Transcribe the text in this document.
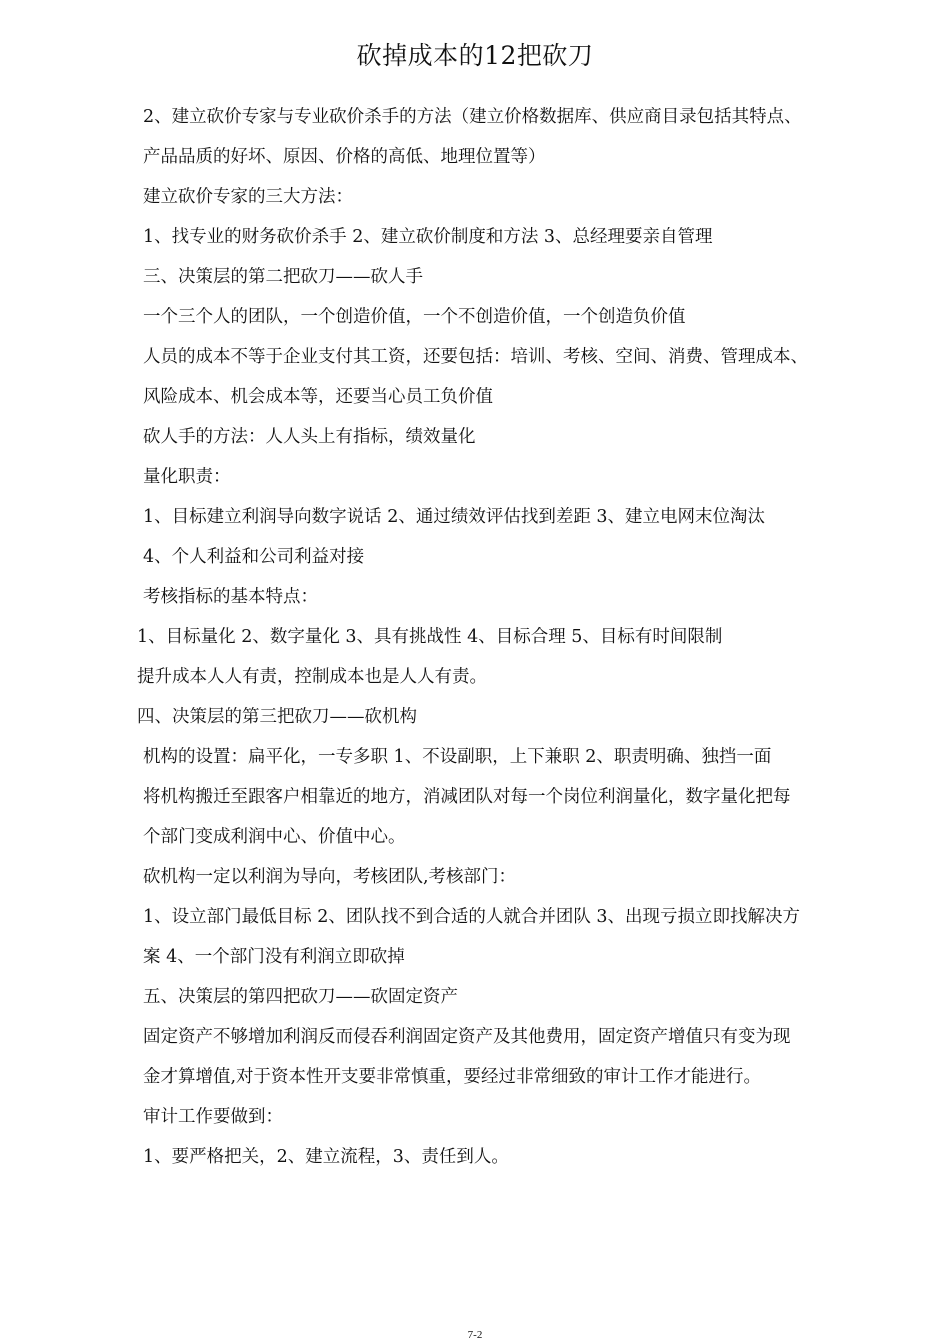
砍掉成本的12把砍刀
2、建立砍价专家与专业砍价杀手的方法（建立价格数据库、供应商目录包括其特点、
产品品质的好坏、原因、价格的高低、地理位置等）
建立砍价专家的三大方法：
1、找专业的财务砍价杀手 2、建立砍价制度和方法 3、总经理要亲自管理
三、决策层的第二把砍刀——砍人手
一个三个人的团队，一个创造价值，一个不创造价值，一个创造负价值
人员的成本不等于企业支付其工资，还要包括：培训、考核、空间、消费、管理成本、
风险成本、机会成本等，还要当心员工负价值
砍人手的方法：人人头上有指标，绩效量化
量化职责：
1、目标建立利润导向数字说话 2、通过绩效评估找到差距 3、建立电网末位淘汰
4、个人利益和公司利益对接
考核指标的基本特点：
1、目标量化 2、数字量化 3、具有挑战性 4、目标合理 5、目标有时间限制
提升成本人人有责，控制成本也是人人有责。
四、决策层的第三把砍刀——砍机构
机构的设置：扁平化，一专多职 1、不设副职，上下兼职 2、职责明确、独挡一面
将机构搬迁至跟客户相靠近的地方，消减团队对每一个岗位利润量化，数字量化把每
个部门变成利润中心、价值中心。
砍机构一定以利润为导向，考核团队,考核部门：
1、设立部门最低目标 2、团队找不到合适的人就合并团队 3、出现亏损立即找解决方
案 4、一个部门没有利润立即砍掉
五、决策层的第四把砍刀——砍固定资产
固定资产不够增加利润反而侵吞利润固定资产及其他费用，固定资产增值只有变为现
金才算增值,对于资本性开支要非常慎重，要经过非常细致的审计工作才能进行。
审计工作要做到：
1、要严格把关，2、建立流程，3、责任到人。
7-2
